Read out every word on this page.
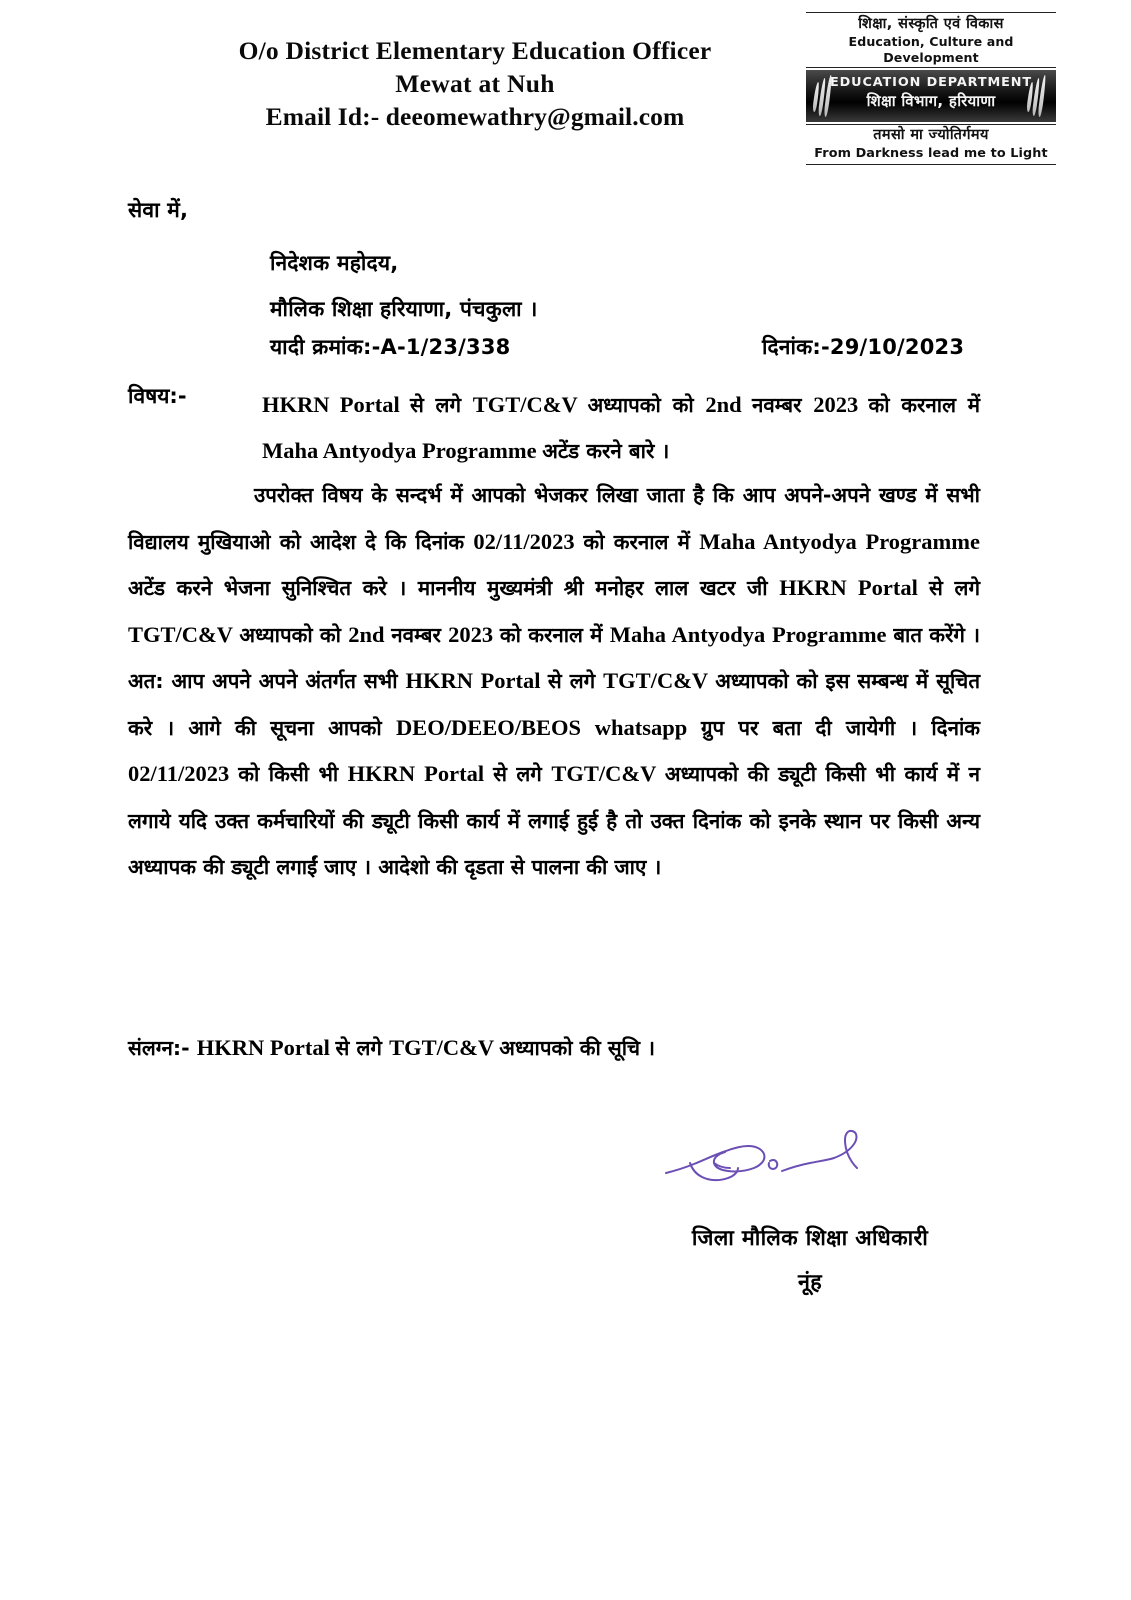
O/o District Elementary Education Officer
Mewat at Nuh
Email Id:- deeomewathry@gmail.com
शिक्षा, संस्कृति एवं विकास
Education, Culture and Development
EDUCATION DEPARTMENT
शिक्षा विभाग, हरियाणा
तमसो मा ज्योतिर्गमय
From Darkness lead me to Light
सेवा में,
निदेशक महोदय,
मौलिक शिक्षा हरियाणा, पंचकुला ।
यादी क्रमांक:-A-1/23/338	दिनांक:-29/10/2023
विषय:-	HKRN Portal से लगे TGT/C&V अध्यापको को 2nd नवम्बर 2023 को करनाल में Maha Antyodya Programme अटेंड करने बारे ।
उपरोक्त विषय के सन्दर्भ में आपको भेजकर लिखा जाता है कि आप अपने-अपने खण्ड में सभी विद्यालय मुखियाओ को आदेश दे कि दिनांक 02/11/2023 को करनाल में Maha Antyodya Programme अटेंड करने भेजना सुनिश्चित करे । माननीय मुख्यमंत्री श्री मनोहर लाल खटर जी HKRN Portal से लगे TGT/C&V अध्यापको को 2nd नवम्बर 2023 को करनाल में Maha Antyodya Programme बात करेंगे । अत: आप अपने अपने अंतर्गत सभी HKRN Portal से लगे TGT/C&V अध्यापको को इस सम्बन्ध में सूचित करे । आगे की सूचना आपको DEO/DEEO/BEOS whatsapp ग्रुप पर बता दी जायेगी । दिनांक 02/11/2023 को किसी भी HKRN Portal से लगे TGT/C&V अध्यापको की ड्यूटी किसी भी कार्य में न लगाये यदि उक्त कर्मचारियों की ड्यूटी किसी कार्य में लगाई हुई है तो उक्त दिनांक को इनके स्थान पर किसी अन्य अध्यापक की ड्यूटी लगाईं जाए । आदेशो की दृडता से पालना की जाए ।
संलग्न:- HKRN Portal से लगे TGT/C&V अध्यापको की सूचि ।
जिला मौलिक शिक्षा अधिकारी
नूंह
